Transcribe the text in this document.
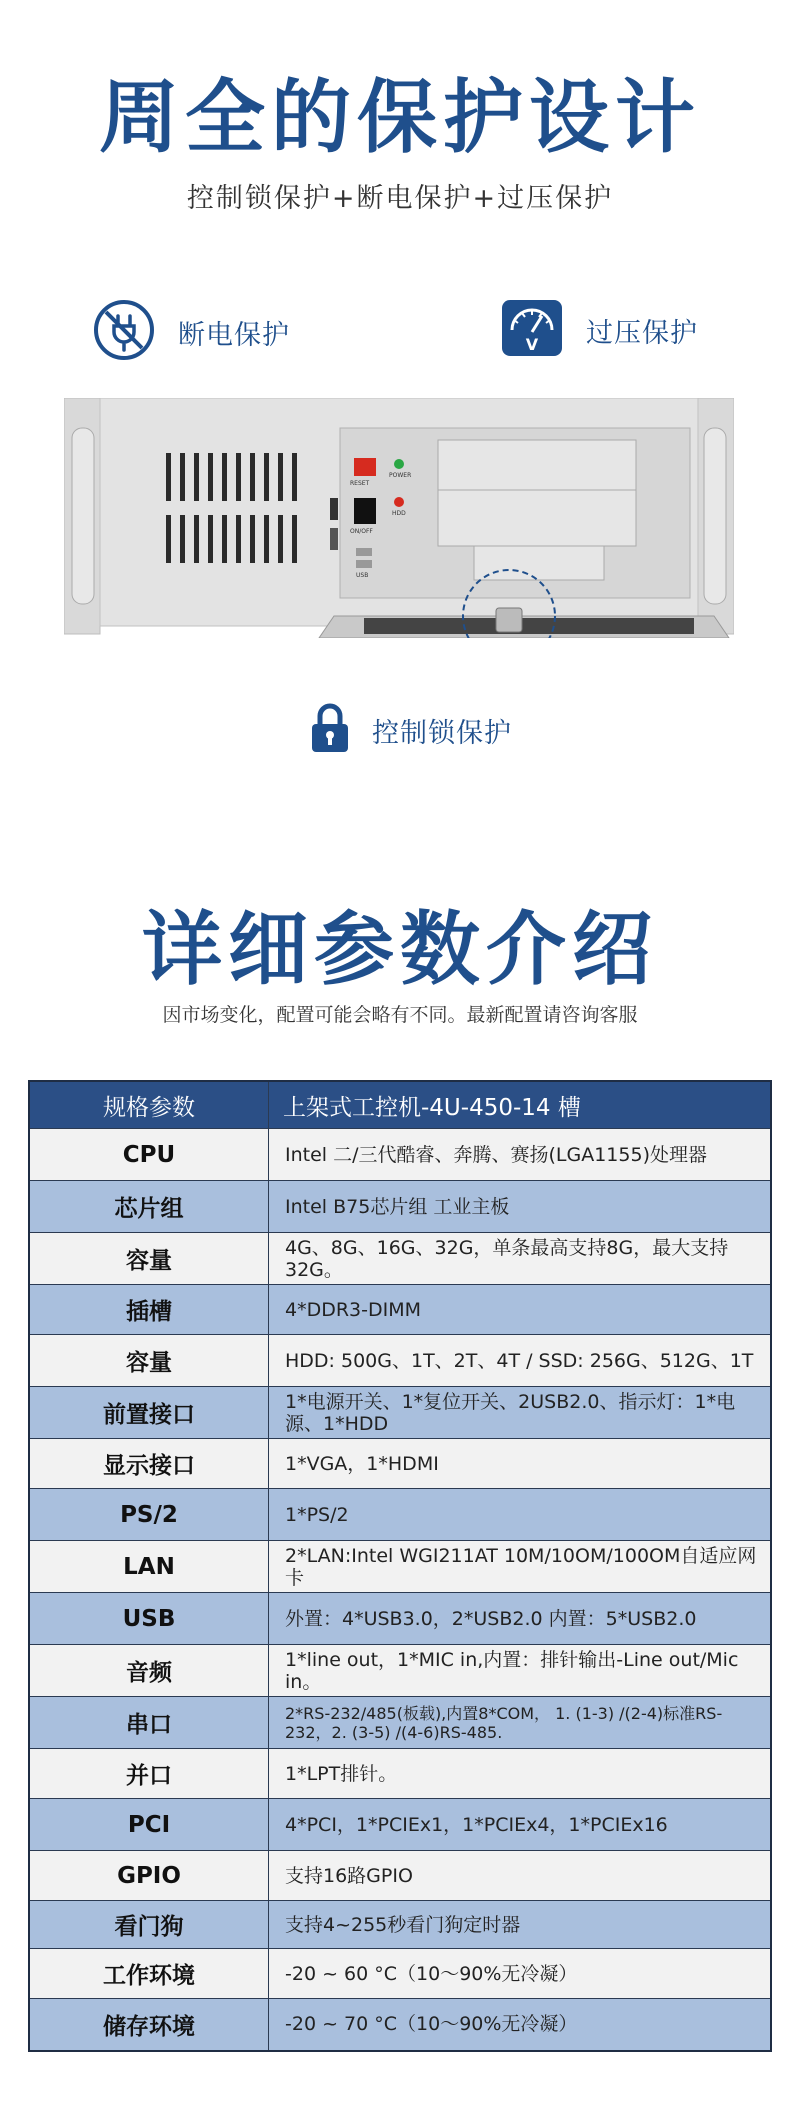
周全的保护设计
控制锁保护+断电保护+过压保护
断电保护	V 过压保护
RESET
POWER
HDD
ON/OFF
USB
控制锁保护
详细参数介绍
因市场变化，配置可能会略有不同。最新配置请咨询客服
规格参数	上架式工控机-4U-450-14 槽
CPU	Intel 二/三代酷睿、奔腾、赛扬(LGA1155)处理器
芯片组	Intel B75芯片组 工业主板
容量	4G、8G、16G、32G，单条最高支持8G，最大支持32G。
插槽	4*DDR3-DIMM
容量	HDD: 500G、1T、2T、4T / SSD: 256G、512G、1T
前置接口	1*电源开关、1*复位开关、2USB2.0、指示灯：1*电源、1*HDD
显示接口	1*VGA，1*HDMI
PS/2	1*PS/2
LAN	2*LAN:Intel WGI211AT 10M/10OM/100OM自适应网卡
USB	外置：4*USB3.0，2*USB2.0 内置：5*USB2.0
音频	1*line out，1*MIC in,内置：排针输出-Line out/Mic in。
串口	2*RS-232/485(板载),内置8*COM， 1. (1-3) /(2-4)标准RS-232，2. (3-5) /(4-6)RS-485.
并口	1*LPT排针。
PCI	4*PCI，1*PCIEx1，1*PCIEx4，1*PCIEx16
GPIO	支持16路GPIO
看门狗	支持4~255秒看门狗定时器
工作环境	-20 ~ 60 °C（10～90%无冷凝）
储存环境	-20 ~ 70 °C（10～90%无冷凝）
